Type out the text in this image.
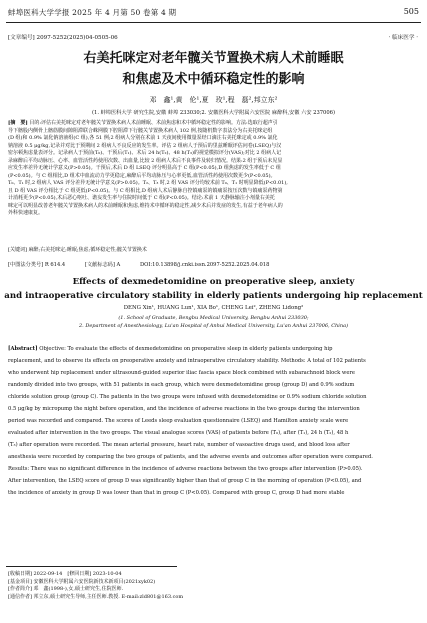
蚌埠医科大学学报 2025 年 4 月第 50 卷第 4 期	505
[文章编号] 2097-5252(2025)04-0505-06	· 临床医学 ·
右美托咪定对老年髋关节置换术病人术前睡眠
和焦虑及术中循环稳定性的影响
邓　鑫¹,黄　伦¹,夏　玫¹,程　磊²,邦立东²
(1. 蚌埠医科大学 研究生院,安徽 蚌埠 233030;2. 安徽医科大学附属六安医院 麻醉科,安徽 六安 237006)
[摘　要] 目的:评估右美托咪定对老年髋关节置换术病人术前睡眠、术前焦虑和术中循环稳定性的影响。方法:选取行超声引
导下髂股内侧骨上髂筋膜间隙阻滞联合蛛网膜下腔阻滞下行髋关节置换术病人 102 例,按随机数字表法分为右美托咪定组
(D 组)和 0.9% 氯化钠溶液组(C 组),各 51 例;2 组病人分别在术前 1 天夜间使用微量泵经口滴注右美托咪定或 0.9% 氯化
钠溶液 0.5 μg/kg,记录并对比于预期间 2 组病人不良反应的发生率。评估 2 组病人于预后的里兹睡眠评估问卷(LSEQ)与汉
密尔顿焦虑量表评分。记录病人于预前(T₀)、干预后(T₁)、术后 24 h(T₂)、48 h(T₃)的视觉模拟评分(VAS);对比 2 组病人记
录麻醉后平均动脉压、心率、血管活性药使用次数、出血量,比较 2 组病人术后不良事件及转归情况。结果:2 组于预后未见显
应发生率差异无统计学意义(P>0.05)。干预后,术后 D 组 LSEQ 评分明显高于 C 组(P<0.05),D 组焦虑的发生率低于 C 组
(P<0.05)。与 C 组相比,D 组术中血流动力学更稳定,麻醉后平均动脉压与心率更低,血管活性药使用次数更少(P<0.05)。
T₀、T₁ 时,2 组病人 VAS 评分差异无统计学意义(P>0.05)。T₂、T₃ 时,2 组 VAS 评分均较术前 T₀、T₁ 时明显降低(P<0.01),
且 D 组 VAS 评分相比于 C 组更低(P<0.05)。与 C 组相比,D 组病人术后静脉自控镇痛泵的镇痛泵按压次数与镇痛泵药物第
计消耗更少(P<0.05),术后恶心呕吐、谵妄发生率与住院时间低于 C 组(P<0.05)。结论:术前 1 天静脉输注小剂量右美托
咪定可以明显改善老年髋关节置换术病人的术前睡眠和焦虑,维持术中循环的稳定性,减少术后并发症的发生,有益于老年病人的
外科快速康复。
[关键词] 麻醉;右美托咪定;睡眠;焦虑;循环稳定性;髋关节置换术
[中图法分类号] R 614.4	[文献标志码] A	DOI:10.13898/j.cnki.issn.2097-5252.2025.04.018
Effects of dexmedetomidine on preoperative sleep, anxiety
and intraoperative circulatory stability in elderly patients undergoing hip replacement
DENG Xin¹, HUANG Lun¹, XIA Bo¹, CHENG Lei², ZHENG Lidong²
(1. School of Graduate, Bengbu Medical University, Bengbu Anhui 233030;
2. Department of Anesthesiology, Lu'an Hospital of Anhui Medical University, Lu'an Anhui 237006, China)
[Abstract] Objective: To evaluate the effects of dexmedetomidine on preoperative sleep in elderly patients undergoing hip
replacement, and to observe its effects on preoperative anxiety and intraoperative circulatory stability. Methods: A total of 102 patients
who underwent hip replacement under ultrasound-guided superior iliac fascia space block combined with subarachnoid block were
randomly divided into two groups, with 51 patients in each group, which were dexmedetomidine group (group D) and 0.9% sodium
chloride solution group (group C). The patients in the two groups were infused with dexmedetomidine or 0.9% sodium chloride solution
0.5 μg/kg by micropump the night before operation, and the incidence of adverse reactions in the two groups during the intervention
period was recorded and compared. The scores of Leeds sleep evaluation questionnaire (LSEQ) and Hamilton anxiety scale were
evaluated after intervention in the two groups. The visual analogue scores (VAS) of patients before (T₀), after (T₁), 24 h (T₂), 48 h
(T₃) after operation were recorded. The mean arterial pressure, heart rate, number of vasoactive drugs used, and blood loss after
anesthesia were recorded by comparing the two groups of patients, and the adverse events and outcomes after operation were compared.
Results: There was no significant difference in the incidence of adverse reactions between the two groups after intervention (P>0.05).
After intervention, the LSEQ score of group D was significantly higher than that of group C in the morning of operation (P<0.05), and
the incidence of anxiety in group D was lower than that in group C (P<0.05). Compared with group C, group D had more stable
[收稿日期] 2022-09-14　[修回日期] 2023-10-04
[基金项目] 安徽医科大学附属六安医院新技术新项目(2021xyk02)
[作者简介] 邓　鑫(1998-),女,硕士研究生,住院医师.
[通信作者] 邦立东,硕士研究生导师,主任医师.教授. E-mail:zld801@163.com
